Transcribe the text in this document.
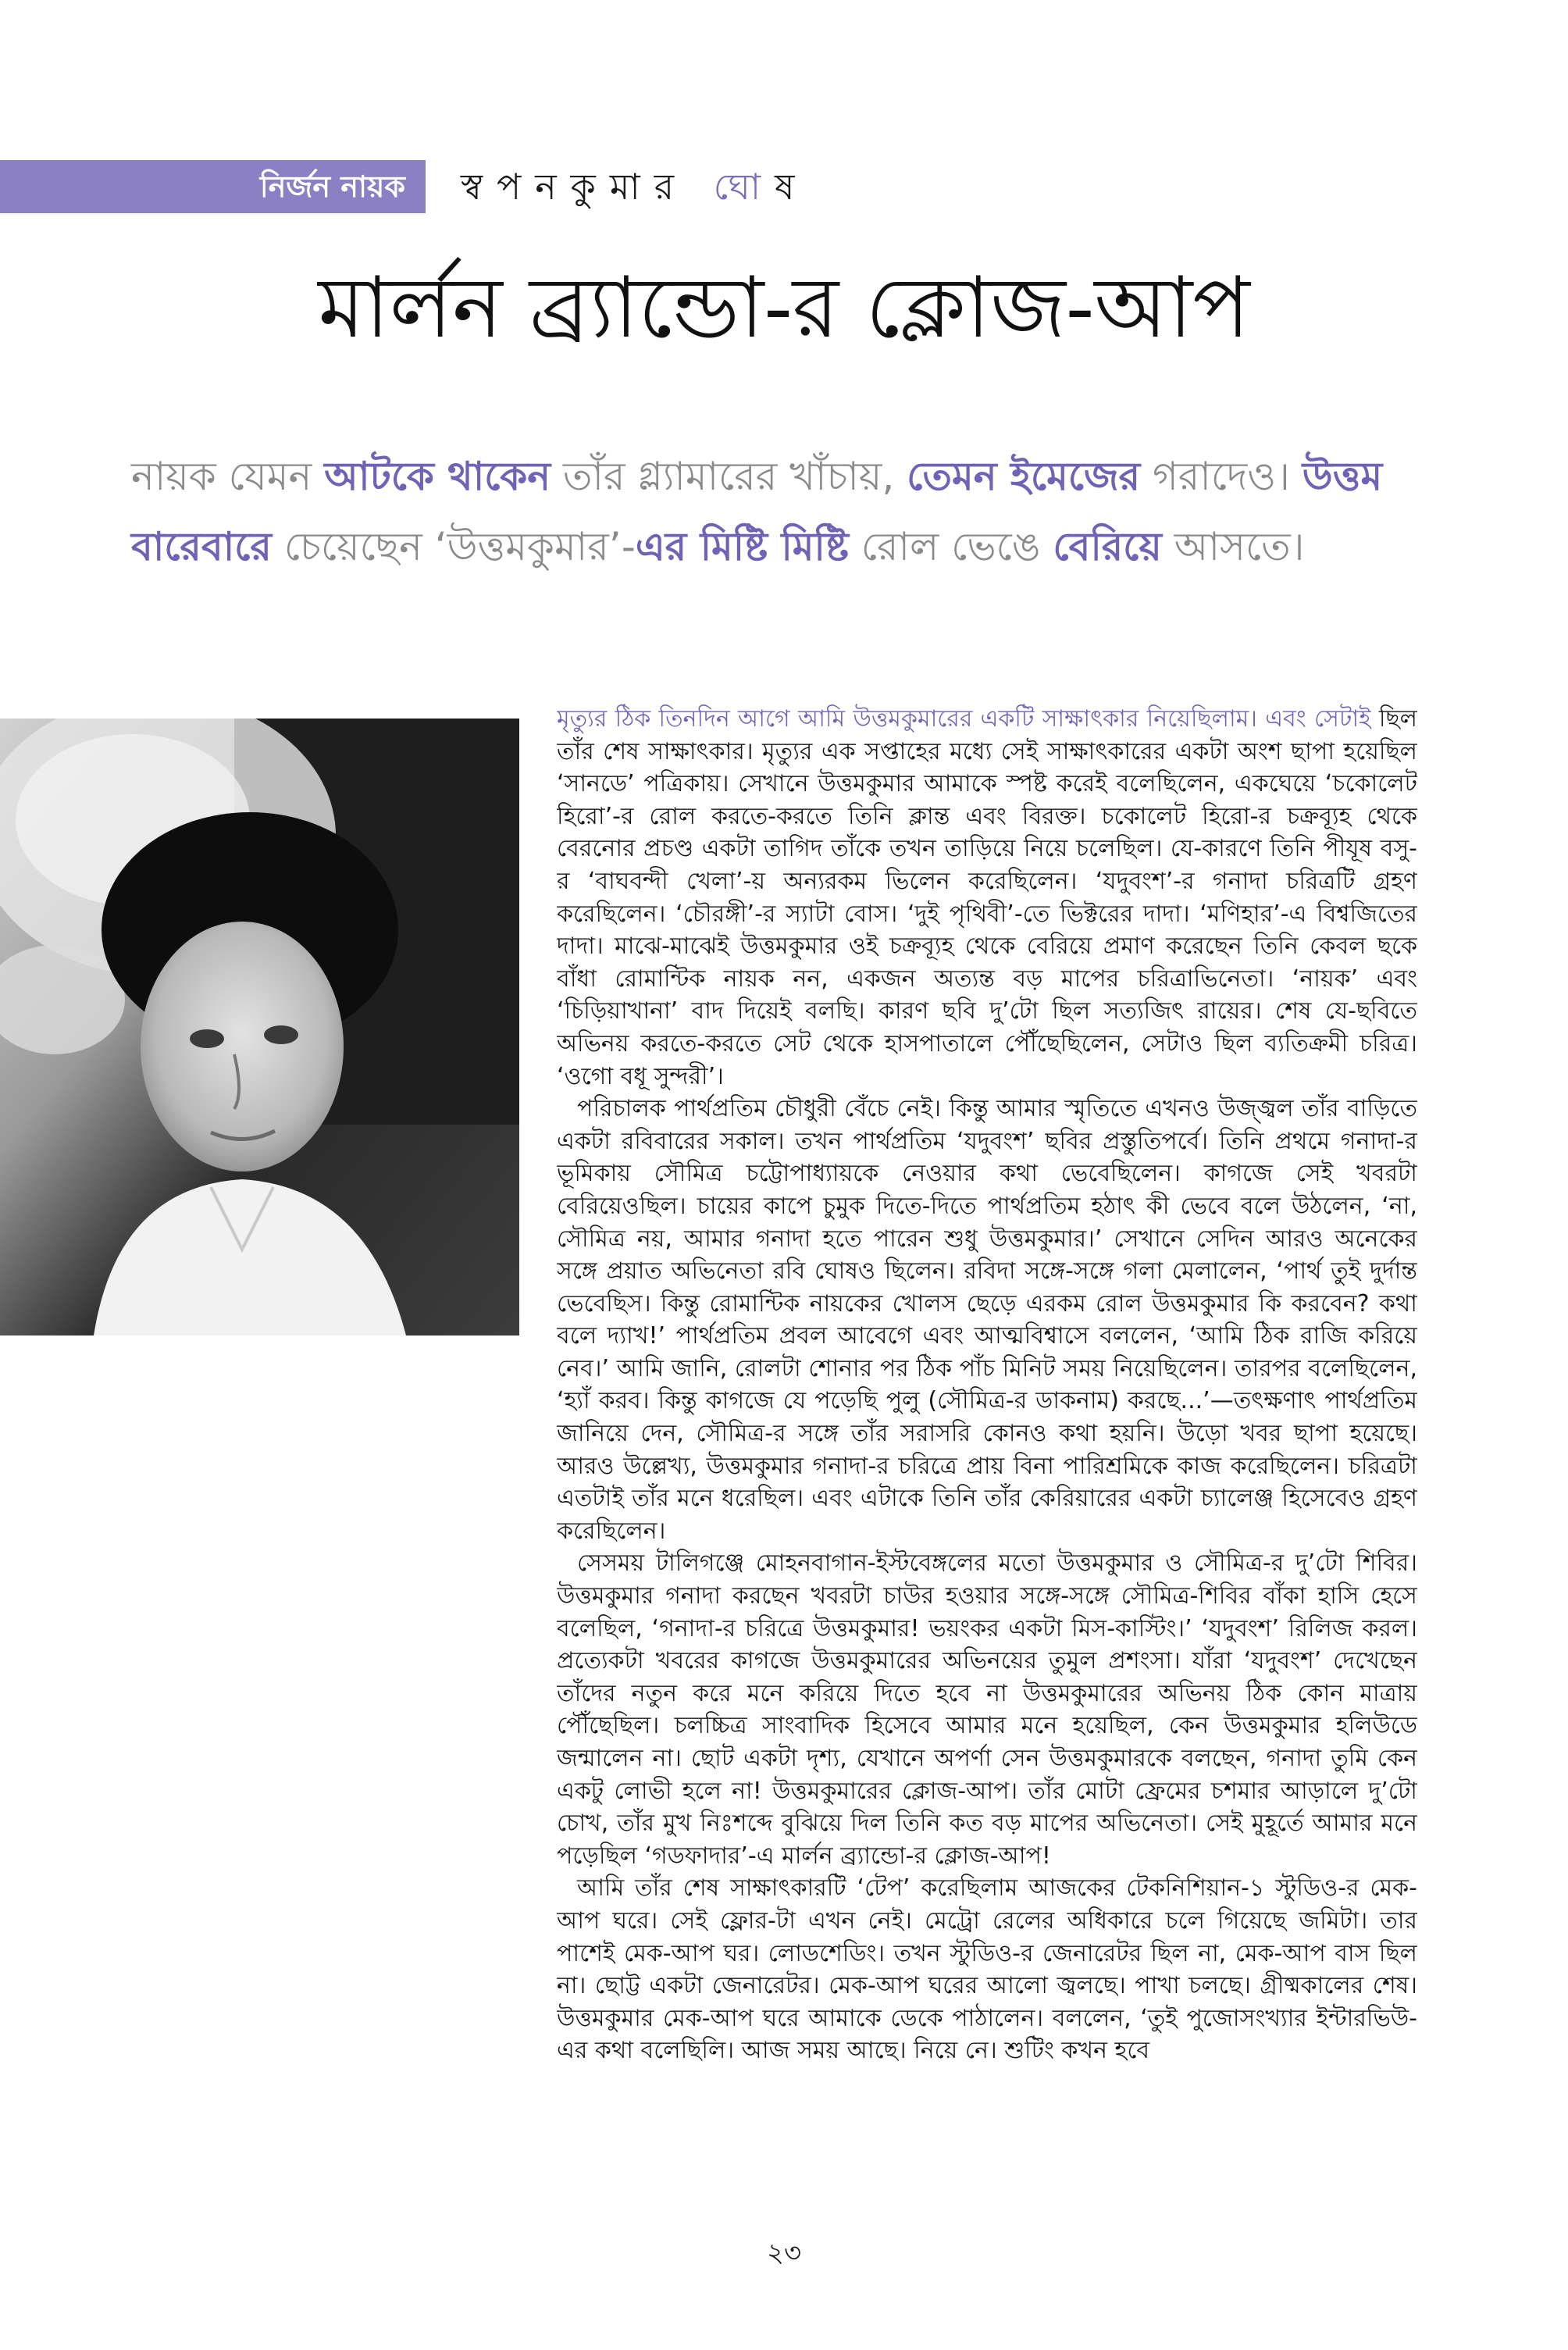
নির্জন নায়ক	স্বপনকুমার ঘোষ
মার্লন ব্র্যান্ডো-র ক্লোজ-আপ
নায়ক যেমন আটকে থাকেন তাঁর গ্ল্যামারের খাঁচায়, তেমন ইমেজের গরাদেও। উত্তম বারেবারে চেয়েছেন ‘উত্তমকুমার’-এর মিষ্টি মিষ্টি রোল ভেঙে বেরিয়ে আসতে।

মৃত্যুর ঠিক তিনদিন আগে আমি উত্তমকুমারের একটি সাক্ষাৎকার নিয়েছিলাম। এবং সেটাই ছিল তাঁর শেষ সাক্ষাৎকার। মৃত্যুর এক সপ্তাহের মধ্যে সেই সাক্ষাৎকারের একটা অংশ ছাপা হয়েছিল ‘সানডে’ পত্রিকায়। সেখানে উত্তমকুমার আমাকে স্পষ্ট করেই বলেছিলেন, একঘেয়ে ‘চকোলেট হিরো’-র রোল করতে-করতে তিনি ক্লান্ত এবং বিরক্ত। চকোলেট হিরো-র চক্রব্যূহ থেকে বেরনোর প্রচণ্ড একটা তাগিদ তাঁকে তখন তাড়িয়ে নিয়ে চলেছিল। যে-কারণে তিনি পীযূষ বসু-র ‘বাঘবন্দী খেলা’-য় অন্যরকম ভিলেন করেছিলেন। ‘যদুবংশ’-র গনাদা চরিত্রটি গ্রহণ করেছিলেন। ‘চৌরঙ্গী’-র স্যাটা বোস। ‘দুই পৃথিবী’-তে ভিক্টরের দাদা। ‘মণিহার’-এ বিশ্বজিতের দাদা। মাঝে-মাঝেই উত্তমকুমার ওই চক্রব্যূহ থেকে বেরিয়ে প্রমাণ করেছেন তিনি কেবল ছকে বাঁধা রোমান্টিক নায়ক নন, একজন অত্যন্ত বড় মাপের চরিত্রাভিনেতা। ‘নায়ক’ এবং ‘চিড়িয়াখানা’ বাদ দিয়েই বলছি। কারণ ছবি দু’টো ছিল সত্যজিৎ রায়ের। শেষ যে-ছবিতে অভিনয় করতে-করতে সেট থেকে হাসপাতালে পৌঁছেছিলেন, সেটাও ছিল ব্যতিক্রমী চরিত্র। ‘ওগো বধূ সুন্দরী’।

পরিচালক পার্থপ্রতিম চৌধুরী বেঁচে নেই। কিন্তু আমার স্মৃতিতে এখনও উজ্জ্বল তাঁর বাড়িতে একটা রবিবারের সকাল। তখন পার্থপ্রতিম ‘যদুবংশ’ ছবির প্রস্তুতিপর্বে। তিনি প্রথমে গনাদা-র ভূমিকায় সৌমিত্র চট্টোপাধ্যায়কে নেওয়ার কথা ভেবেছিলেন। কাগজে সেই খবরটা বেরিয়েওছিল। চায়ের কাপে চুমুক দিতে-দিতে পার্থপ্রতিম হঠাৎ কী ভেবে বলে উঠলেন, ‘না, সৌমিত্র নয়, আমার গনাদা হতে পারেন শুধু উত্তমকুমার।’ সেখানে সেদিন আরও অনেকের সঙ্গে প্রয়াত অভিনেতা রবি ঘোষও ছিলেন। রবিদা সঙ্গে-সঙ্গে গলা মেলালেন, ‘পার্থ তুই দুর্দান্ত ভেবেছিস। কিন্তু রোমান্টিক নায়কের খোলস ছেড়ে এরকম রোল উত্তমকুমার কি করবেন? কথা বলে দ্যাখ!’ পার্থপ্রতিম প্রবল আবেগে এবং আত্মবিশ্বাসে বললেন, ‘আমি ঠিক রাজি করিয়ে নেব।’ আমি জানি, রোলটা শোনার পর ঠিক পাঁচ মিনিট সময় নিয়েছিলেন। তারপর বলেছিলেন, ‘হ্যাঁ করব। কিন্তু কাগজে যে পড়েছি পুলু (সৌমিত্র-র ডাকনাম) করছে...’—তৎক্ষণাৎ পার্থপ্রতিম জানিয়ে দেন, সৌমিত্র-র সঙ্গে তাঁর সরাসরি কোনও কথা হয়নি। উড়ো খবর ছাপা হয়েছে। আরও উল্লেখ্য, উত্তমকুমার গনাদা-র চরিত্রে প্রায় বিনা পারিশ্রমিকে কাজ করেছিলেন। চরিত্রটা এতটাই তাঁর মনে ধরেছিল। এবং এটাকে তিনি তাঁর কেরিয়ারের একটা চ্যালেঞ্জ হিসেবেও গ্রহণ করেছিলেন।

সেসময় টালিগঞ্জে মোহনবাগান-ইস্টবেঙ্গলের মতো উত্তমকুমার ও সৌমিত্র-র দু’টো শিবির। উত্তমকুমার গনাদা করছেন খবরটা চাউর হওয়ার সঙ্গে-সঙ্গে সৌমিত্র-শিবির বাঁকা হাসি হেসে বলেছিল, ‘গনাদা-র চরিত্রে উত্তমকুমার! ভয়ংকর একটা মিস-কাস্টিং।’ ‘যদুবংশ’ রিলিজ করল। প্রত্যেকটা খবরের কাগজে উত্তমকুমারের অভিনয়ের তুমুল প্রশংসা। যাঁরা ‘যদুবংশ’ দেখেছেন তাঁদের নতুন করে মনে করিয়ে দিতে হবে না উত্তমকুমারের অভিনয় ঠিক কোন মাত্রায় পৌঁছেছিল। চলচ্চিত্র সাংবাদিক হিসেবে আমার মনে হয়েছিল, কেন উত্তমকুমার হলিউডে জন্মালেন না। ছোট একটা দৃশ্য, যেখানে অপর্ণা সেন উত্তমকুমারকে বলছেন, গনাদা তুমি কেন একটু লোভী হলে না! উত্তমকুমারের ক্লোজ-আপ। তাঁর মোটা ফ্রেমের চশমার আড়ালে দু’টো চোখ, তাঁর মুখ নিঃশব্দে বুঝিয়ে দিল তিনি কত বড় মাপের অভিনেতা। সেই মুহূর্তে আমার মনে পড়েছিল ‘গডফাদার’-এ মার্লন ব্র্যান্ডো-র ক্লোজ-আপ!

আমি তাঁর শেষ সাক্ষাৎকারটি ‘টেপ’ করেছিলাম আজকের টেকনিশিয়ান-১ স্টুডিও-র মেক-আপ ঘরে। সেই ফ্লোর-টা এখন নেই। মেট্রো রেলের অধিকারে চলে গিয়েছে জমিটা। তার পাশেই মেক-আপ ঘর। লোডশেডিং। তখন স্টুডিও-র জেনারেটর ছিল না, মেক-আপ বাস ছিল না। ছোট্ট একটা জেনারেটর। মেক-আপ ঘরের আলো জ্বলছে। পাখা চলছে। গ্রীষ্মকালের শেষ। উত্তমকুমার মেক-আপ ঘরে আমাকে ডেকে পাঠালেন। বললেন, ‘তুই পুজোসংখ্যার ইন্টারভিউ-এর কথা বলেছিলি। আজ সময় আছে। নিয়ে নে। শুটিং কখন হবে

২৩
